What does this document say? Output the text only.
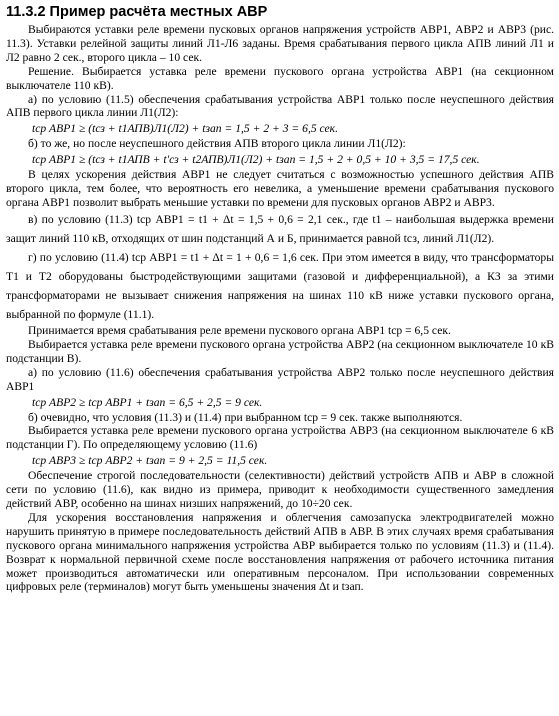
11.3.2 Пример расчёта местных АВР

Выбираются уставки реле времени пусковых органов напряжения устройств АВР1, АВР2 и АВР3 (рис. 11.3). Уставки релейной защиты линий Л1-Л6 заданы. Время срабатывания первого цикла АПВ линий Л1 и Л2 равно 2 сек., второго цикла – 10 сек.

Решение. Выбирается уставка реле времени пускового органа устройства АВР1 (на секционном выключателе 110 кВ).

а) по условию (11.5) обеспечения срабатывания устройства АВР1 только после неуспешного действия АПВ первого цикла линии Л1(Л2):

tср АВР1 ≥ (tсз + t1АПВ)Л1(Л2) + tзап = 1,5 + 2 + 3 = 6,5 сек.

б) то же, но после неуспешного действия АПВ второго цикла линии Л1(Л2):

tср АВР1 ≥ (tсз + t1АПВ + t′сз + t2АПВ)Л1(Л2) + tзап = 1,5 + 2 + 0,5 + 10 + 3,5 = 17,5 сек.

В целях ускорения действия АВР1 не следует считаться с возможностью успешного действия АПВ второго цикла, тем более, что вероятность его невелика, а уменьшение времени срабатывания пускового органа АВР1 позволит выбрать меньшие уставки по времени для пусковых органов АВР2 и АВР3.

в) по условию (11.3) tср АВР1 = t1 + Δt = 1,5 + 0,6 = 2,1 сек., где t1 – наибольшая выдержка времени защит линий 110 кВ, отходящих от шин подстанций А и Б, принимается равной tсз, линий Л1(Л2).

г) по условию (11.4) tср АВР1 = t1 + Δt = 1 + 0,6 = 1,6 сек. При этом имеется в виду, что трансформаторы Т1 и Т2 оборудованы быстродействующими защитами (газовой и дифференциальной), а КЗ за этими трансформаторами не вызывает снижения напряжения на шинах 110 кВ ниже уставки пускового органа, выбранной по формуле (11.1).

Принимается время срабатывания реле времени пускового органа АВР1 tср = 6,5 сек.

Выбирается уставка реле времени пускового органа устройства АВР2 (на секционном выключателе 10 кВ подстанции В).

а) по условию (11.6) обеспечения срабатывания устройства АВР2 только после неуспешного действия АВР1

tср АВР2 ≥ tср АВР1 + tзап = 6,5 + 2,5 = 9 сек.

б) очевидно, что условия (11.3) и (11.4) при выбранном tср = 9 сек. также выполняются.

Выбирается уставка реле времени пускового органа устройства АВР3 (на секционном выключателе 6 кВ подстанции Г). По определяющему условию (11.6)

tср АВР3 ≥ tср АВР2 + tзап = 9 + 2,5 = 11,5 сек.

Обеспечение строгой последовательности (селективности) действий устройств АПВ и АВР в сложной сети по условию (11.6), как видно из примера, приводит к необходимости существенного замедления действий АВР, особенно на шинах низших напряжений, до 10÷20 сек.

Для ускорения восстановления напряжения и облегчения самозапуска электродвигателей можно нарушить принятую в примере последовательность действий АПВ в АВР. В этих случаях время срабатывания пускового органа минимального напряжения устройства АВР выбирается только по условиям (11.3) и (11.4). Возврат к нормальной первичной схеме после восстановления напряжения от рабочего источника питания может производиться автоматически или оперативным персоналом. При использовании современных цифровых реле (терминалов) могут быть уменьшены значения Δt и tзап.
